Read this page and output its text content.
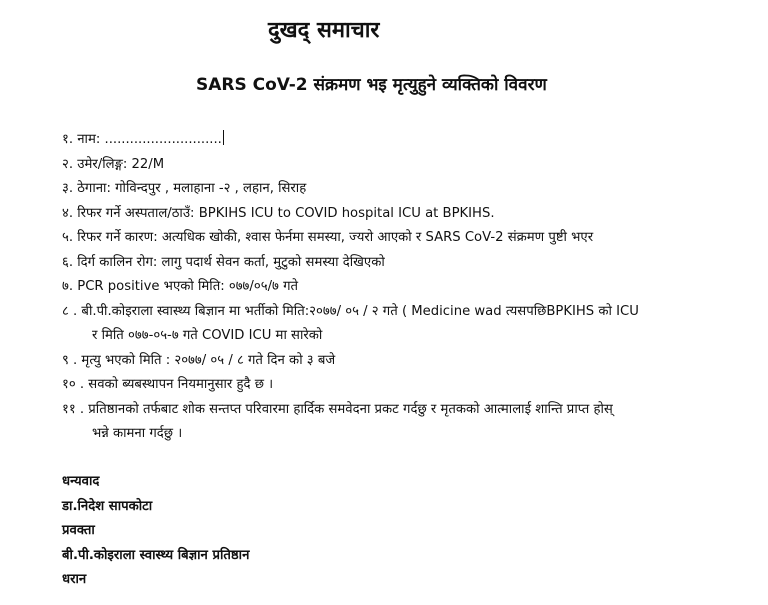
दुखद् समाचार
SARS CoV-2 संक्रमण भइ मृत्युहुने व्यक्तिको विवरण
१. नाम: ............................
२. उमेर/लिङ्ग: 22/M
३. ठेगाना: गोविन्दपुर , मलाहाना -२ , लहान, सिराह
४. रिफर गर्ने अस्पताल/ठाउँ: BPKIHS ICU to COVID hospital ICU at BPKIHS.
५. रिफर गर्ने कारण: अत्यधिक खोकी, श्वास फेर्नमा समस्या, ज्यरो आएको र SARS CoV-2 संक्रमण पुष्टी भएर
६. दिर्ग कालिन रोग: लागु पदार्थ सेवन कर्ता, मुटुको समस्या देखिएको
७. PCR positive भएको मिति: ०७७/०५/७ गते
८ . बी.पी.कोइराला स्वास्थ्य बिज्ञान मा भर्तीको मिति:२०७७/ ०५ / २ गते ( Medicine wad त्यसपछिBPKIHS को ICU
र मिति ०७७-०५-७ गते COVID ICU मा सारेको
९ . मृत्यु भएको मिति : २०७७/ ०५ / ८ गते दिन को ३ बजे
१० . सवको ब्यबस्थापन नियमानुसार हुदै छ ।
११ . प्रतिष्ठानको तर्फबाट शोक सन्तप्त परिवारमा हार्दिक समवेदना प्रकट गर्दछु र मृतकको आत्मालाई शान्ति प्राप्त होस्
भन्ने कामना गर्दछु ।
धन्यवाद
डा.निदेश सापकोटा
प्रवक्ता
बी.पी.कोइराला स्वास्थ्य बिज्ञान प्रतिष्ठान
धरान
